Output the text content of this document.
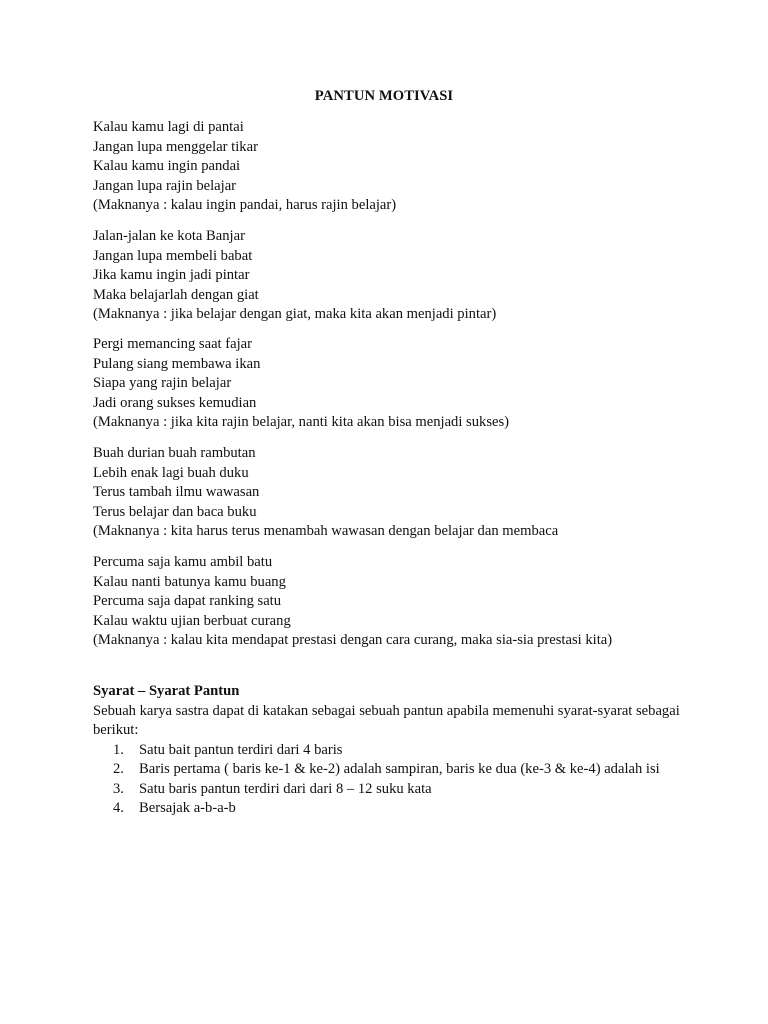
PANTUN MOTIVASI
Kalau kamu lagi di pantai
Jangan lupa menggelar tikar
Kalau kamu ingin pandai
Jangan lupa rajin belajar
(Maknanya : kalau ingin pandai, harus rajin belajar)
Jalan-jalan ke kota Banjar
Jangan lupa membeli babat
Jika kamu ingin jadi pintar
Maka belajarlah dengan giat
(Maknanya : jika belajar dengan giat, maka kita akan menjadi pintar)
Pergi memancing saat fajar
Pulang siang membawa ikan
Siapa yang rajin belajar
Jadi orang sukses kemudian
(Maknanya : jika kita rajin belajar, nanti kita akan bisa menjadi sukses)
Buah durian buah rambutan
Lebih enak lagi buah duku
Terus tambah ilmu wawasan
Terus belajar dan baca buku
(Maknanya : kita harus terus menambah wawasan dengan belajar dan membaca
Percuma saja kamu ambil batu
Kalau nanti batunya kamu buang
Percuma saja dapat ranking satu
Kalau waktu ujian berbuat curang
(Maknanya : kalau kita mendapat prestasi dengan cara curang, maka sia-sia prestasi kita)
Syarat – Syarat Pantun
Sebuah karya sastra dapat di katakan sebagai sebuah pantun apabila memenuhi syarat-syarat sebagai berikut:
1. Satu bait pantun terdiri dari 4 baris
2. Baris pertama ( baris ke-1 & ke-2) adalah sampiran, baris ke dua (ke-3 & ke-4) adalah isi
3. Satu baris pantun terdiri dari dari 8 – 12 suku kata
4. Bersajak a-b-a-b
